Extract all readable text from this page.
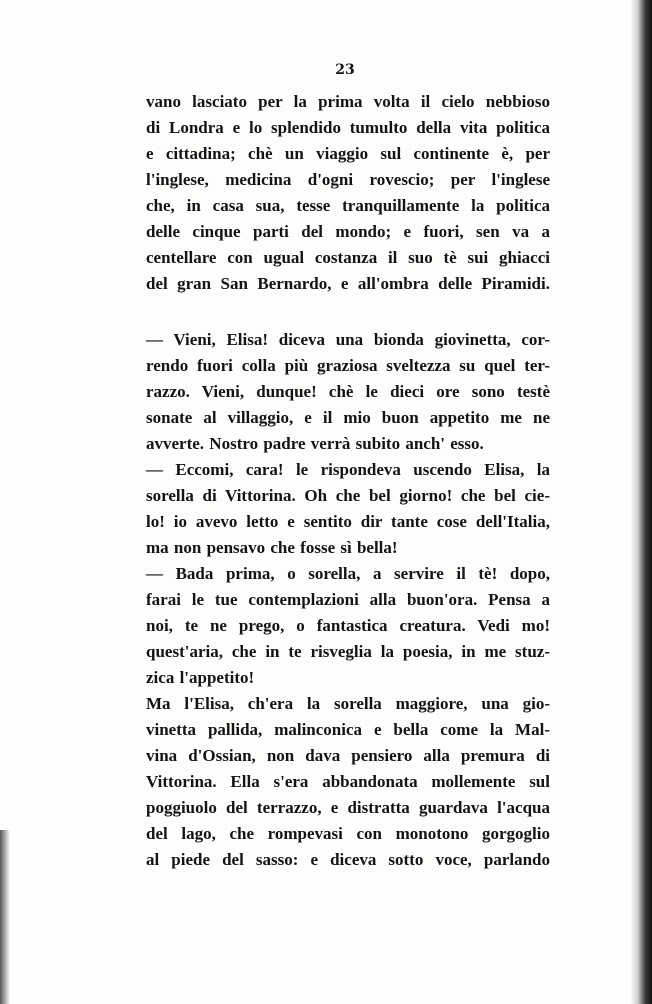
23
vano lasciato per la prima volta il cielo nebbioso
di Londra e lo splendido tumulto della vita politica
e cittadina; chè un viaggio sul continente è, per
l'inglese, medicina d'ogni rovescio; per l'inglese
che, in casa sua, tesse tranquillamente la politica
delle cinque parti del mondo; e fuori, sen va a
centellare con ugual costanza il suo tè sui ghiacci
del gran San Bernardo, e all'ombra delle Piramidi.
— Vieni, Elisa! diceva una bionda giovinetta, cor-
rendo fuori colla più graziosa sveltezza su quel ter-
razzo. Vieni, dunque! chè le dieci ore sono testè
sonate al villaggio, e il mio buon appetito me ne
avverte. Nostro padre verrà subito anch' esso.
— Eccomi, cara! le rispondeva uscendo Elisa, la
sorella di Vittorina. Oh che bel giorno! che bel cie-
lo! io avevo letto e sentito dir tante cose dell'Italia,
ma non pensavo che fosse sì bella!
— Bada prima, o sorella, a servire il tè! dopo,
farai le tue contemplazioni alla buon'ora. Pensa a
noi, te ne prego, o fantastica creatura. Vedi mo!
quest'aria, che in te risveglia la poesia, in me stuz-
zica l'appetito!
Ma l'Elisa, ch'era la sorella maggiore, una gio-
vinetta pallida, malinconica e bella come la Mal-
vina d'Ossian, non dava pensiero alla premura di
Vittorina. Ella s'era abbandonata mollemente sul
poggiuolo del terrazzo, e distratta guardava l'acqua
del lago, che rompevasi con monotono gorgoglio
al piede del sasso: e diceva sotto voce, parlando
